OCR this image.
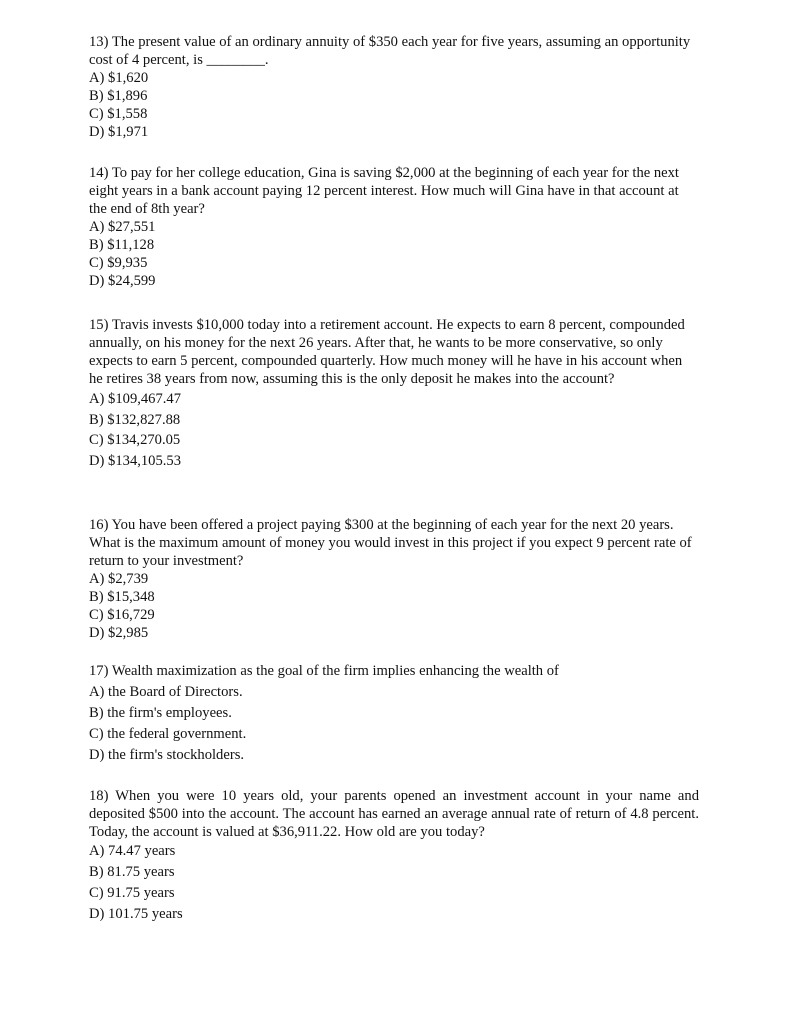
13) The present value of an ordinary annuity of $350 each year for five years, assuming an opportunity cost of 4 percent, is ________.

A) $1,620
B) $1,896
C) $1,558
D) $1,971

14) To pay for her college education, Gina is saving $2,000 at the beginning of each year for the next eight years in a bank account paying 12 percent interest. How much will Gina have in that account at the end of 8th year?

A) $27,551
B) $11,128
C) $9,935
D) $24,599

15) Travis invests $10,000 today into a retirement account. He expects to earn 8 percent, compounded annually, on his money for the next 26 years. After that, he wants to be more conservative, so only expects to earn 5 percent, compounded quarterly. How much money will he have in his account when he retires 38 years from now, assuming this is the only deposit he makes into the account?

A) $109,467.47
B) $132,827.88
C) $134,270.05
D) $134,105.53

16) You have been offered a project paying $300 at the beginning of each year for the next 20 years. What is the maximum amount of money you would invest in this project if you expect 9 percent rate of return to your investment?

A) $2,739
B) $15,348
C) $16,729
D) $2,985

17) Wealth maximization as the goal of the firm implies enhancing the wealth of

A) the Board of Directors.
B) the firm's employees.
C) the federal government.
D) the firm's stockholders.

18) When you were 10 years old, your parents opened an investment account in your name and deposited $500 into the account. The account has earned an average annual rate of return of 4.8 percent. Today, the account is valued at $36,911.22. How old are you today?

A) 74.47 years
B) 81.75 years
C) 91.75 years
D) 101.75 years
